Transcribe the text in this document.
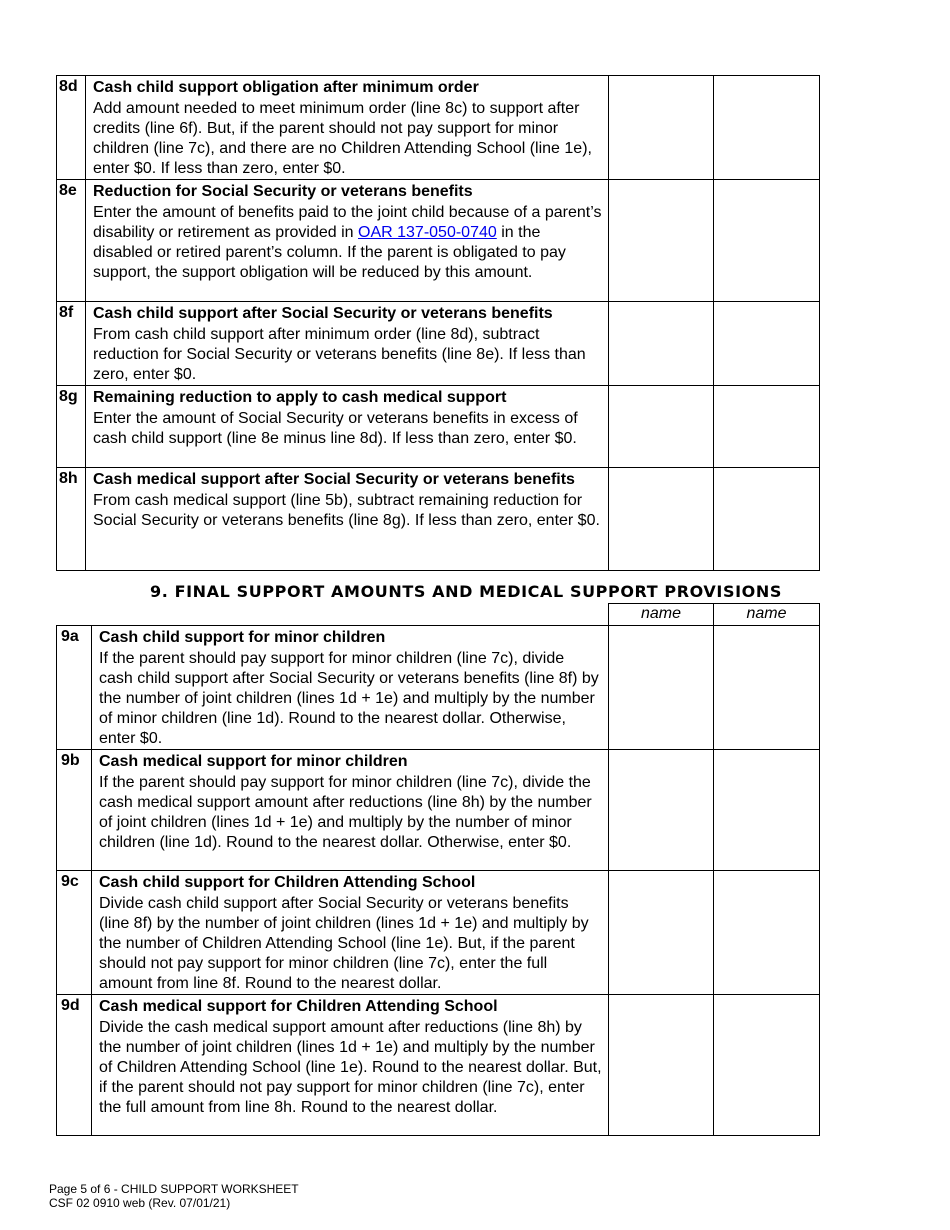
8d	Cash child support obligation after minimum order
Add amount needed to meet minimum order (line 8c) to support after credits (line 6f). But, if the parent should not pay support for minor children (line 7c), and there are no Children Attending School (line 1e), enter $0. If less than zero, enter $0.		

8e	Reduction for Social Security or veterans benefits
Enter the amount of benefits paid to the joint child because of a parent’s disability or retirement as provided in OAR 137-050-0740 in the disabled or retired parent’s column. If the parent is obligated to pay support, the support obligation will be reduced by this amount.		

8f	Cash child support after Social Security or veterans benefits
From cash child support after minimum order (line 8d), subtract reduction for Social Security or veterans benefits (line 8e). If less than zero, enter $0.		

8g	Remaining reduction to apply to cash medical support
Enter the amount of Social Security or veterans benefits in excess of cash child support (line 8e minus line 8d). If less than zero, enter $0.		

8h	Cash medical support after Social Security or veterans benefits
From cash medical support (line 5b), subtract remaining reduction for Social Security or veterans benefits (line 8g). If less than zero, enter $0.		

9. FINAL SUPPORT AMOUNTS AND MEDICAL SUPPORT PROVISIONS
		name	name
9a	Cash child support for minor children
If the parent should pay support for minor children (line 7c), divide cash child support after Social Security or veterans benefits (line 8f) by the number of joint children (lines 1d + 1e) and multiply by the number of minor children (line 1d). Round to the nearest dollar. Otherwise, enter $0.		

9b	Cash medical support for minor children
If the parent should pay support for minor children (line 7c), divide the cash medical support amount after reductions (line 8h) by the number of joint children (lines 1d + 1e) and multiply by the number of minor children (line 1d). Round to the nearest dollar. Otherwise, enter $0.		

9c	Cash child support for Children Attending School
Divide cash child support after Social Security or veterans benefits (line 8f) by the number of joint children (lines 1d + 1e) and multiply by the number of Children Attending School (line 1e). But, if the parent should not pay support for minor children (line 7c), enter the full amount from line 8f. Round to the nearest dollar.		

9d	Cash medical support for Children Attending School
Divide the cash medical support amount after reductions (line 8h) by the number of joint children (lines 1d + 1e) and multiply by the number of Children Attending School (line 1e). Round to the nearest dollar. But, if the parent should not pay support for minor children (line 7c), enter the full amount from line 8h. Round to the nearest dollar.		

Page 5 of 6 - CHILD SUPPORT WORKSHEET
CSF 02 0910 web (Rev. 07/01/21)
